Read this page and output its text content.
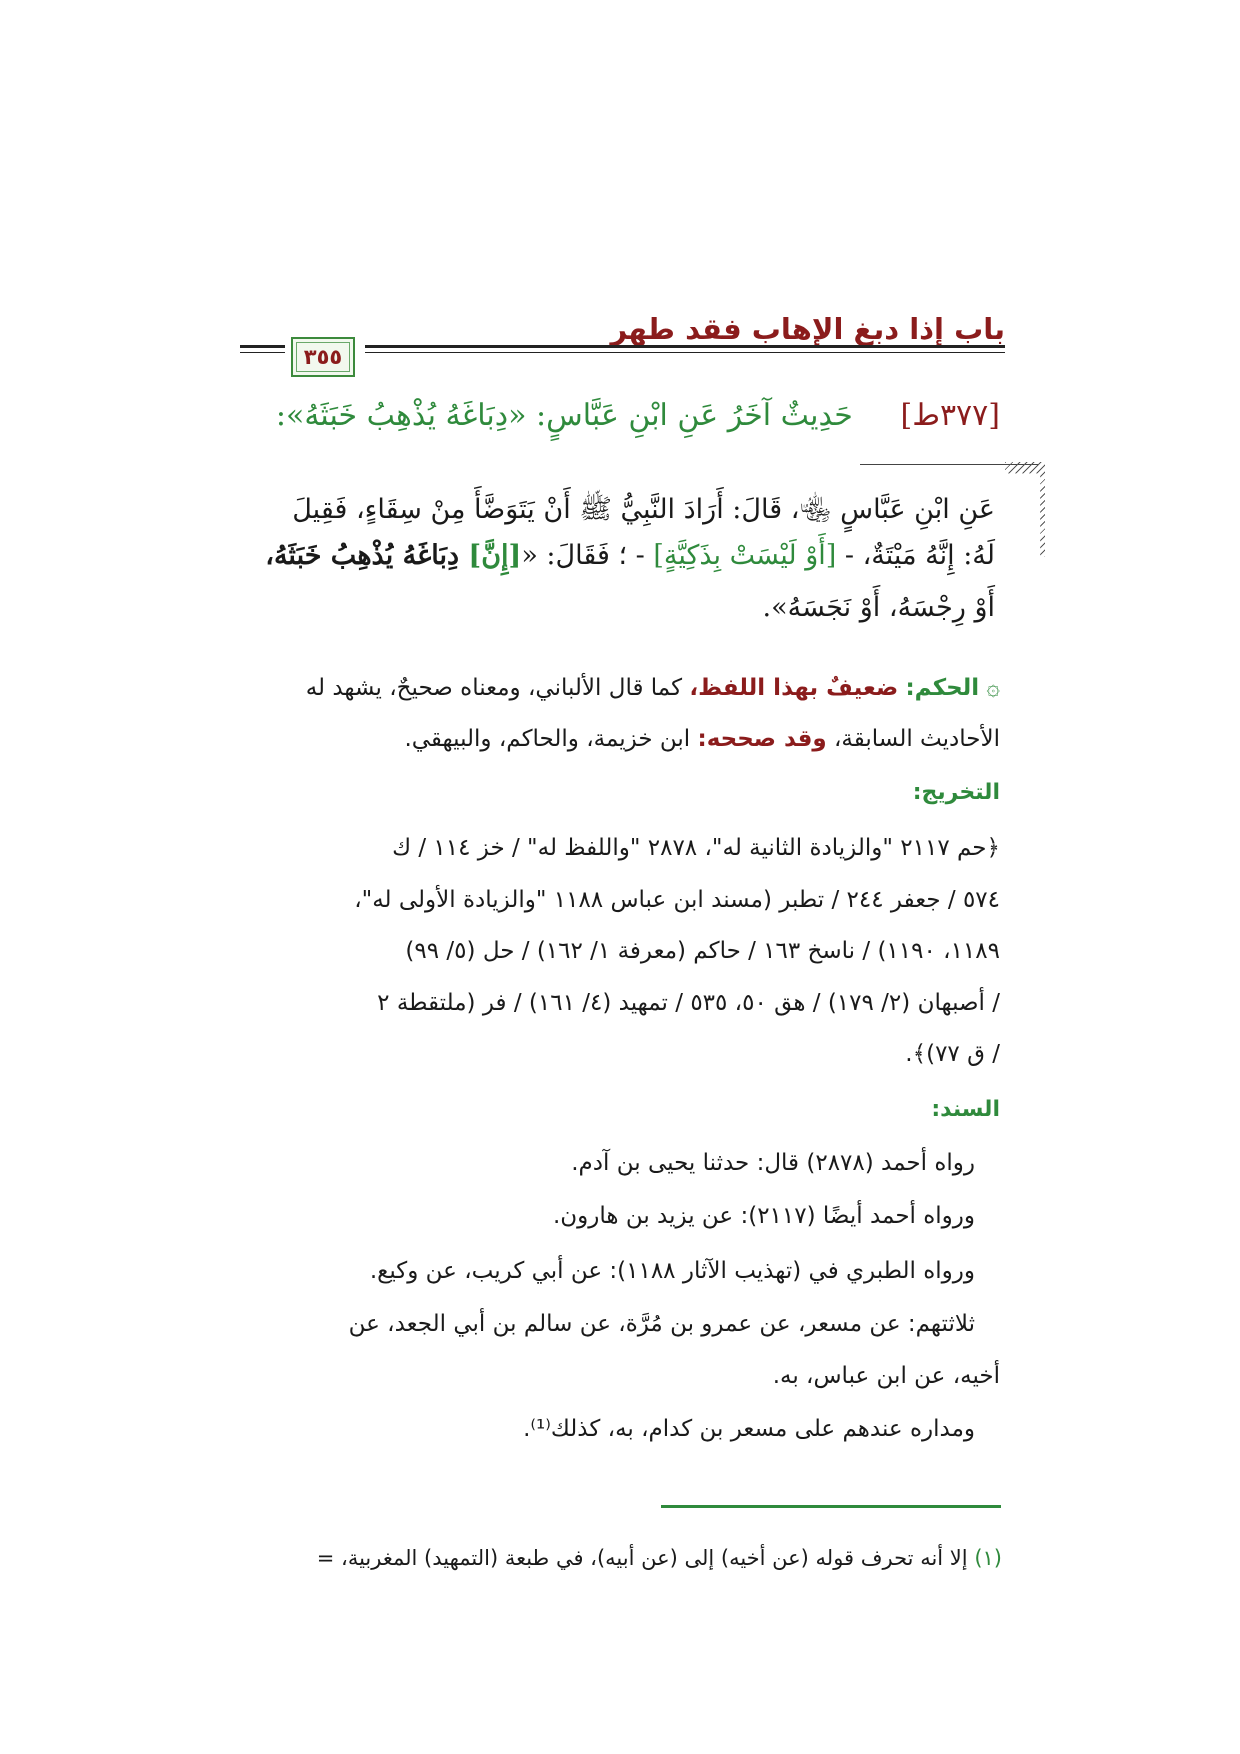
باب إذا دبغ الإهاب فقد طهر
٣٥٥
[٣٧٧ط]     حَدِيثٌ آخَرُ عَنِ ابْنِ عَبَّاسٍ: «دِبَاغَهُ يُذْهِبُ خَبَثَهُ»:
عَنِ ابْنِ عَبَّاسٍ ﵄، قَالَ: أَرَادَ النَّبِيُّ ﷺ أَنْ يَتَوَضَّأَ مِنْ سِقَاءٍ، فَقِيلَ
لَهُ: إِنَّهُ مَيْتَةٌ، - [أَوْ لَيْسَتْ بِذَكِيَّةٍ] - ؛ فَقَالَ: «[إِنَّ] دِبَاغَهُ يُذْهِبُ خَبَثَهُ،
أَوْ رِجْسَهُ، أَوْ نَجَسَهُ».
۞ الحكم: ضعيفٌ بهذا اللفظ، كما قال الألباني، ومعناه صحيحٌ، يشهد له
الأحاديث السابقة، وقد صححه: ابن خزيمة، والحاكم، والبيهقي.
التخريج:
﴿حم ٢١١٧ "والزيادة الثانية له"، ٢٨٧٨ "واللفظ له" / خز ١١٤ / ك
٥٧٤ / جعفر ٢٤٤ / تطبر (مسند ابن عباس ١١٨٨ "والزيادة الأولى له"،
١١٨٩، ١١٩٠) / ناسخ ١٦٣ / حاكم (معرفة ١/ ١٦٢) / حل (٥/ ٩٩)
/ أصبهان (٢/ ١٧٩) / هق ٥٠، ٥٣٥ / تمهيد (٤/ ١٦١) / فر (ملتقطة ٢
/ ق ٧٧)﴾.
السند:
رواه أحمد (٢٨٧٨) قال: حدثنا يحيى بن آدم.
ورواه أحمد أيضًا (٢١١٧): عن يزيد بن هارون.
ورواه الطبري في (تهذيب الآثار ١١٨٨): عن أبي كريب، عن وكيع.
ثلاثتهم: عن مسعر، عن عمرو بن مُرَّة، عن سالم بن أبي الجعد، عن
أخيه، عن ابن عباس، به.
ومداره عندهم على مسعر بن كدام، به، كذلك⁽¹⁾.
(١) إلا أنه تحرف قوله (عن أخيه) إلى (عن أبيه)، في طبعة (التمهيد) المغربية، =
